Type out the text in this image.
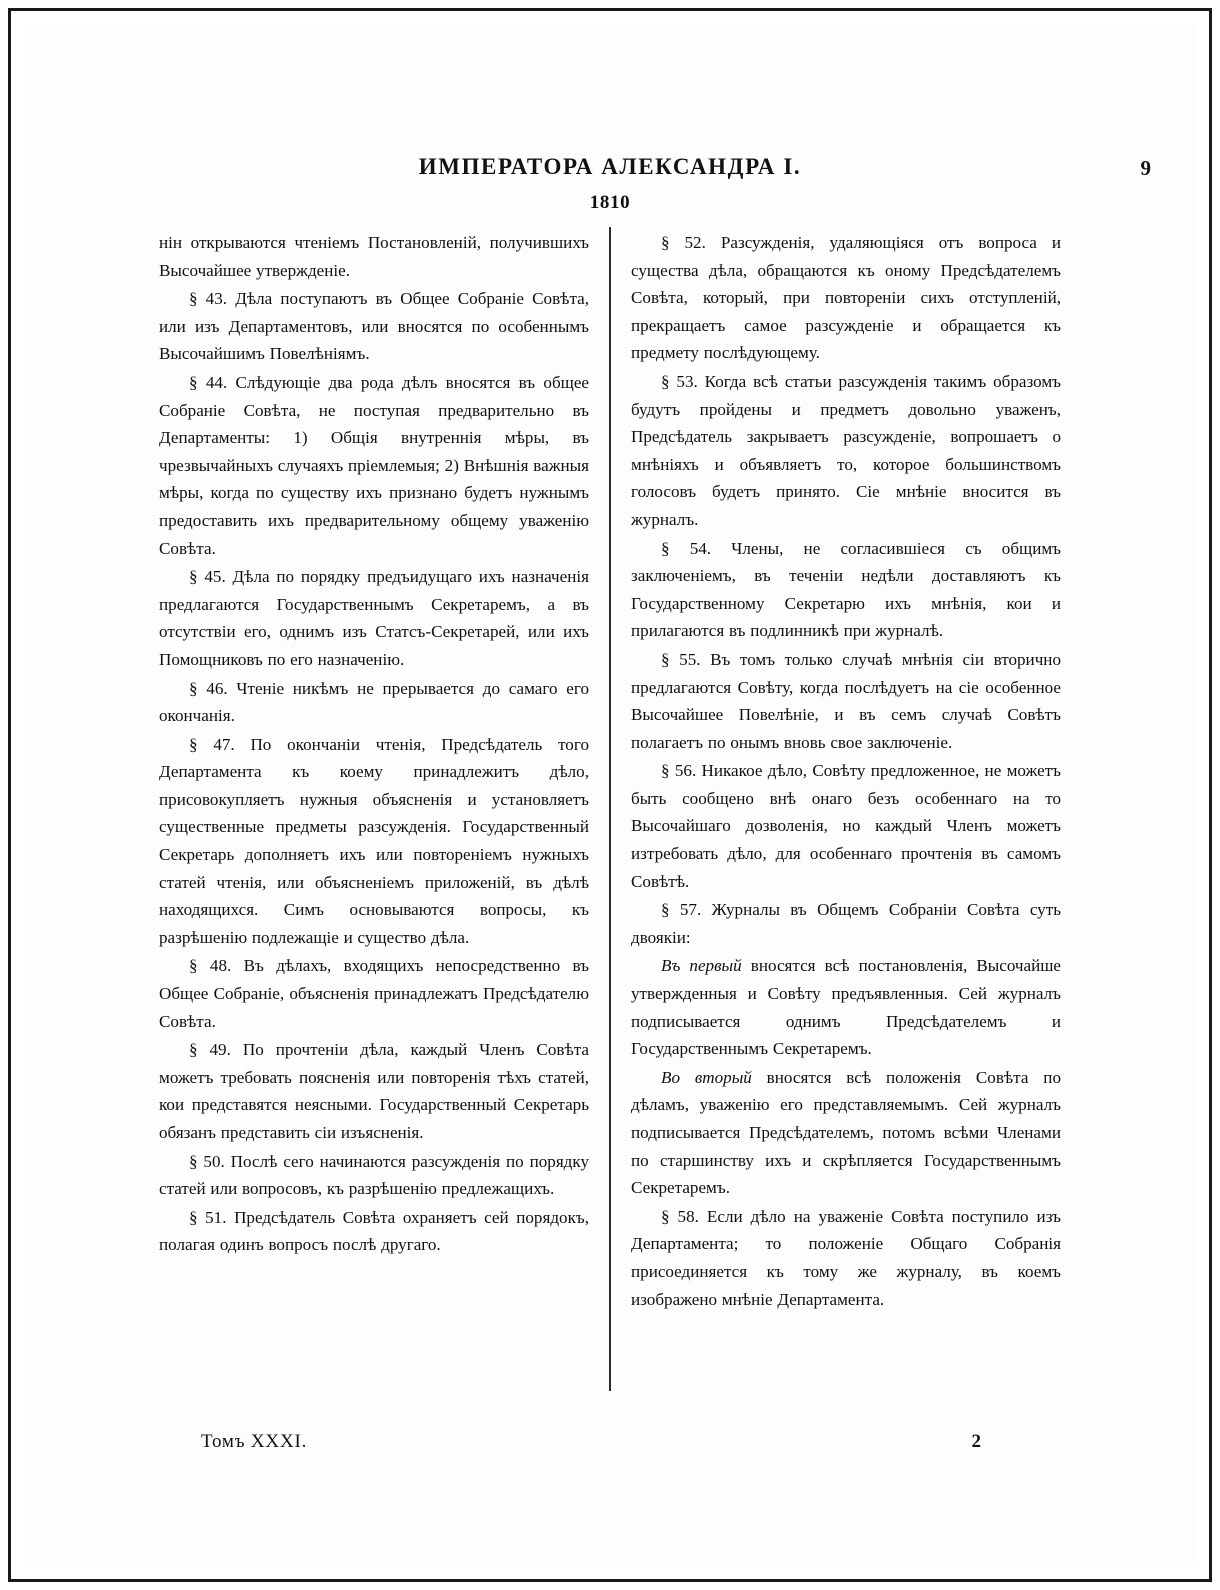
ИМПЕРАТОРА АЛЕКСАНДРА I.	9
1810

нін открываются чтеніемъ Постановленій, получившихъ Высочайшее утвержденіе.

§ 43. Дѣла поступаютъ въ Общее Собраніе Совѣта, или изъ Департаментовъ, или вносятся по особеннымъ Высочайшимъ Повелѣніямъ.

§ 44. Слѣдующіе два рода дѣлъ вносятся въ общее Собраніе Совѣта, не поступая предварительно въ Департаменты: 1) Общія внутреннія мѣры, въ чрезвычайныхъ случаяхъ пріемлемыя; 2) Внѣшнія важныя мѣры, когда по существу ихъ признано будетъ нужнымъ предоставить ихъ предварительному общему уваженію Совѣта.

§ 45. Дѣла по порядку предъидущаго ихъ назначенія предлагаются Государственнымъ Секретаремъ, а въ отсутствіи его, однимъ изъ Статсъ-Секретарей, или ихъ Помощниковъ по его назначенію.

§ 46. Чтеніе никѣмъ не прерывается до самаго его окончанія.

§ 47. По окончаніи чтенія, Предсѣдатель того Департамента къ коему принадлежитъ дѣло, присовокупляетъ нужныя объясненія и установляетъ существенные предметы разсужденія. Государственный Секретарь дополняетъ ихъ или повтореніемъ нужныхъ статей чтенія, или объясненіемъ приложеній, въ дѣлѣ находящихся. Симъ основываются вопросы, къ разрѣшенію подлежащіе и существо дѣла.

§ 48. Въ дѣлахъ, входящихъ непосредственно въ Общее Собраніе, объясненія принадлежатъ Предсѣдателю Совѣта.

§ 49. По прочтеніи дѣла, каждый Членъ Совѣта можетъ требовать поясненія или повторенія тѣхъ статей, кои представятся неясными. Государственный Секретарь обязанъ представить сіи изъясненія.

§ 50. Послѣ сего начинаются разсужденія по порядку статей или вопросовъ, къ разрѣшенію предлежащихъ.

§ 51. Предсѣдатель Совѣта охраняетъ сей порядокъ, полагая одинъ вопросъ послѣ другаго.

§ 52. Разсужденія, удаляющіяся отъ вопроса и существа дѣла, обращаются къ оному Предсѣдателемъ Совѣта, который, при повтореніи сихъ отступленій, прекращаетъ самое разсужденіе и обращается къ предмету послѣдующему.

§ 53. Когда всѣ статьи разсужденія такимъ образомъ будутъ пройдены и предметъ довольно уваженъ, Предсѣдатель закрываетъ разсужденіе, вопрошаетъ о мнѣніяхъ и объявляетъ то, которое большинствомъ голосовъ будетъ принято. Сіе мнѣніе вносится въ журналъ.

§ 54. Члены, не согласившіеся съ общимъ заключеніемъ, въ теченіи недѣли доставляютъ къ Государственному Секретарю ихъ мнѣнія, кои и прилагаются въ подлинникѣ при журналѣ.

§ 55. Въ томъ только случаѣ мнѣнія сіи вторично предлагаются Совѣту, когда послѣдуетъ на сіе особенное Высочайшее Повелѣніе, и въ семъ случаѣ Совѣтъ полагаетъ по онымъ вновь свое заключеніе.

§ 56. Никакое дѣло, Совѣту предложенное, не можетъ быть сообщено внѣ онаго безъ особеннаго на то Высочайшаго дозволенія, но каждый Членъ можетъ изтребовать дѣло, для особеннаго прочтенія въ самомъ Совѣтѣ.

§ 57. Журналы въ Общемъ Собраніи Совѣта суть двоякіи:

Въ первый вносятся всѣ постановленія, Высочайше утвержденныя и Совѣту предъявленныя. Сей журналъ подписывается однимъ Предсѣдателемъ и Государственнымъ Секретаремъ.

Во вторый вносятся всѣ положенія Совѣта по дѣламъ, уваженію его представляемымъ. Сей журналъ подписывается Предсѣдателемъ, потомъ всѣми Членами по старшинству ихъ и скрѣпляется Государственнымъ Секретаремъ.

§ 58. Если дѣло на уваженіе Совѣта поступило изъ Департамента; то положеніе Общаго Собранія присоединяется къ тому же журналу, въ коемъ изображено мнѣніе Департамента.

Томъ XXXI.	2
